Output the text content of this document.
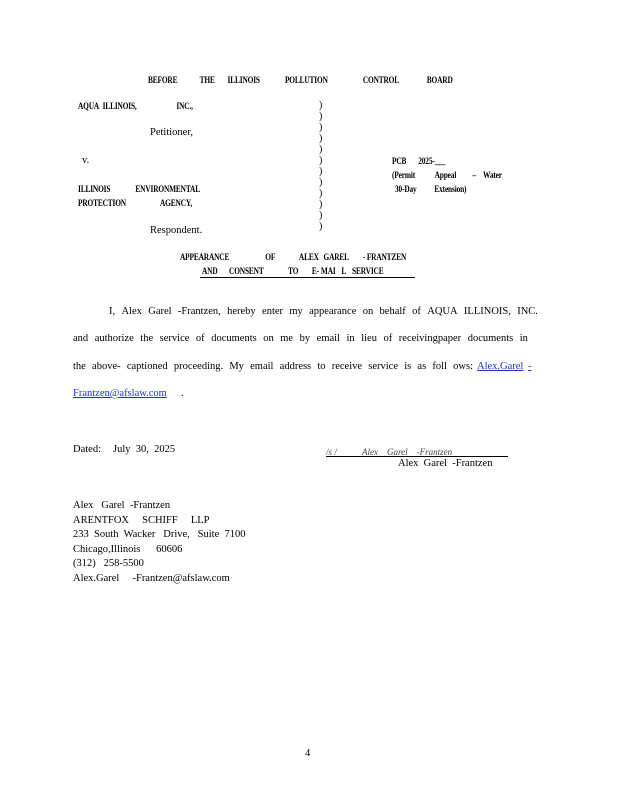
BEFORE THE ILLINOIS	POLLUTION	CONTROL	BOARD
AQUA ILLINOIS,	INC.,
Petitioner,
v.
ILLINOIS	ENVIRONMENTAL
PROTECTION	AGENCY,
Respondent.
)
)
)
)
)
)
)
)
)
)
)
)
PCB 2025-___
(Permit Appeal – Water
30-Day Extension)
APPEARANCE	OF	ALEX GAREL - FRANTZEN
AND CONSENT	TO E- MAI L SERVICE
I, Alex Garel -Frantzen, hereby enter my appearance on behalf of AQUA ILLINOIS, INC.
and authorize the service of documents on me by email in lieu of receivingpaper documents in
the above- captioned proceeding. My email address to receive service is as foll ows: Alex.Garel -
Frantzen@afslaw.com .
Dated: July  30,  2025	/s /	Alex    Garel    -Frantzen
Alex  Garel  -Frantzen
Alex   Garel  -Frantzen
ARENTFOX     SCHIFF     LLP
233  South  Wacker   Drive,   Suite  7100
Chicago,Illinois      60606
(312)   258-5500
Alex.Garel     -Frantzen@afslaw.com
4
